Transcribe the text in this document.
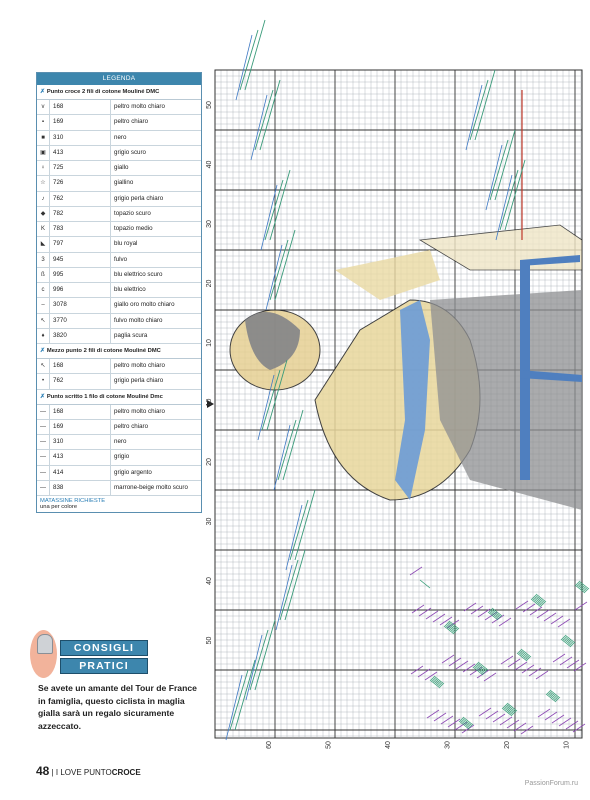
LEGENDA
✗ Punto croce 2 fili di cotone Mouliné DMC
v	168	peltro molto chiaro
▪	169	peltro chiaro
■	310	nero
▣	413	grigio scuro
♀	725	giallo
☆	726	giallino
♪	762	grigio perla chiaro
◆	782	topazio scuro
K	783	topazio medio
◣	797	blu royal
3	945	fulvo
ß	995	blu elettrico scuro
c	996	blu elettrico
–	3078	giallo oro molto chiaro
↖	3770	fulvo molto chiaro
♦	3820	paglia scura
✗ Mezzo punto 2 fili di cotone Mouliné DMC
↖	168	peltro molto chiaro
•	762	grigio perla chiaro
✗ Punto scritto 1 filo di cotone Mouliné Dmc
—	168	peltro molto chiaro
—	169	peltro chiaro
—	310	nero
—	413	grigio
—	414	grigio argento
—	838	marrone-beige molto scuro
MATASSINE RICHIESTE
una per colore
CONSIGLI
PRATICI
Se avete un amante del Tour de France in famiglia, questo ciclista in maglia gialla sarà un regalo sicuramente azzeccato.
48 | I LOVE PUNTOCROCE
PassionForum.ru
50
40
30
20
10
10
20
30
40
50
60	50	40	30	20	10
